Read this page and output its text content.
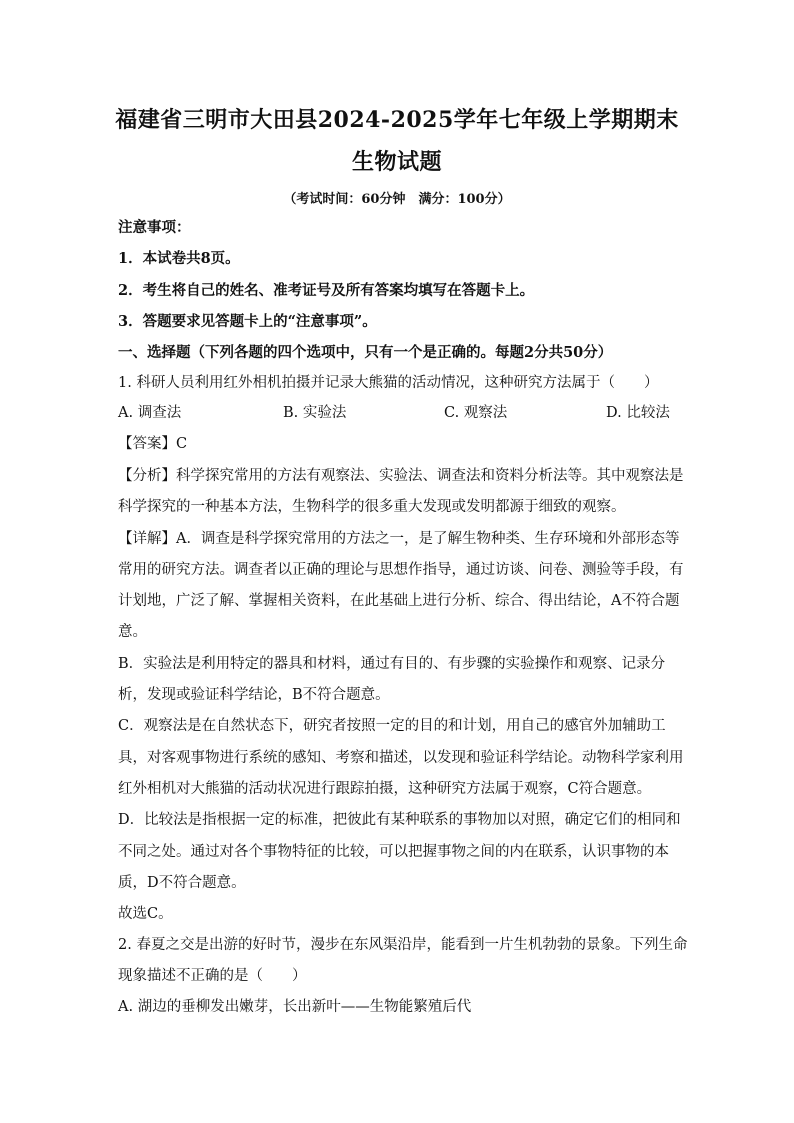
福建省三明市大田县2024-2025学年七年级上学期期末
生物试题
（考试时间：60分钟　满分：100分）
注意事项：
1．本试卷共8页。
2．考生将自己的姓名、准考证号及所有答案均填写在答题卡上。
3．答题要求见答题卡上的“注意事项”。
一、选择题（下列各题的四个选项中，只有一个是正确的。每题2分共50分）
1. 科研人员利用红外相机拍摄并记录大熊猫的活动情况，这种研究方法属于（　　）
A. 调查法	B. 实验法	C. 观察法	D. 比较法
【答案】C
【分析】科学探究常用的方法有观察法、实验法、调查法和资料分析法等。其中观察法是
科学探究的一种基本方法，生物科学的很多重大发现或发明都源于细致的观察。
【详解】A．调查是科学探究常用的方法之一，是了解生物种类、生存环境和外部形态等
常用的研究方法。调查者以正确的理论与思想作指导，通过访谈、问卷、测验等手段，有
计划地，广泛了解、掌握相关资料，在此基础上进行分析、综合、得出结论，A不符合题
意。
B．实验法是利用特定的器具和材料，通过有目的、有步骤的实验操作和观察、记录分
析，发现或验证科学结论，B不符合题意。
C．观察法是在自然状态下，研究者按照一定的目的和计划，用自己的感官外加辅助工
具，对客观事物进行系统的感知、考察和描述，以发现和验证科学结论。动物科学家利用
红外相机对大熊猫的活动状况进行跟踪拍摄，这种研究方法属于观察，C符合题意。
D．比较法是指根据一定的标准，把彼此有某种联系的事物加以对照，确定它们的相同和
不同之处。通过对各个事物特征的比较，可以把握事物之间的内在联系，认识事物的本
质，D不符合题意。
故选C。
2. 春夏之交是出游的好时节，漫步在东风渠沿岸，能看到一片生机勃勃的景象。下列生命
现象描述不正确的是（　　）
A. 湖边的垂柳发出嫩芽，长出新叶——生物能繁殖后代
